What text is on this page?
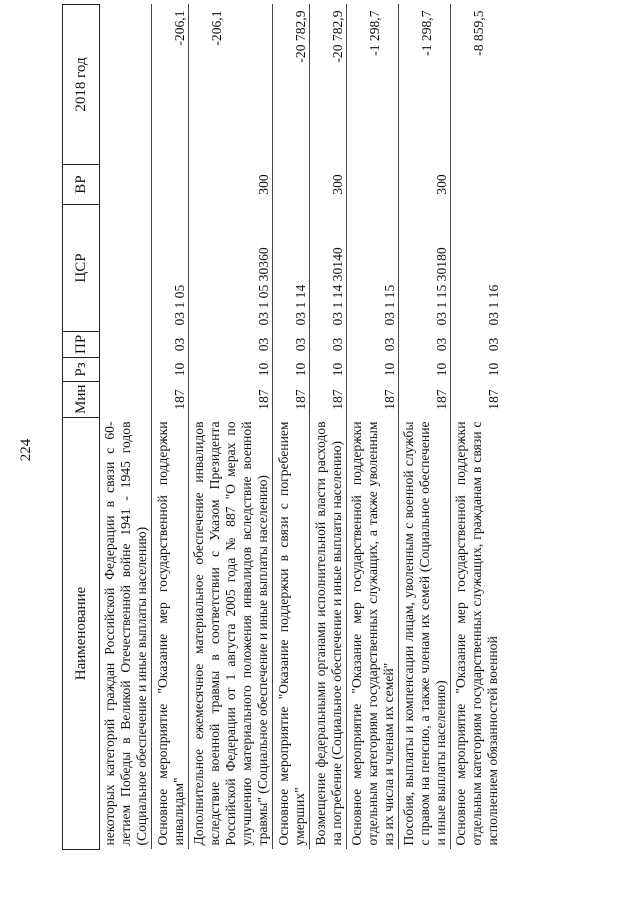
224
Наименование	Мин	Рз	ПР	ЦСР	ВР	2018 год
некоторых категорий граждан Российской Федерации в связи с 60-летием Победы в Великой Отечественной войне 1941 - 1945 годов (Социальное обеспечение и иные выплаты населению)						
Основное мероприятие "Оказание мер государственной поддержки инвалидам"	187	10	03	03 1 05		-206,1
Дополнительное ежемесячное материальное обеспечение инвалидов вследствие военной травмы в соответствии с Указом Президента Российской Федерации от 1 августа 2005 года № 887 "О мерах по улучшению материального положения инвалидов вследствие военной травмы" (Социальное обеспечение и иные выплаты населению)	187	10	03	03 1 05 30360	300	-206,1
Основное мероприятие "Оказание поддержки в связи с погребением умерших"	187	10	03	03 1 14		-20 782,9
Возмещение федеральными органами исполнительной власти расходов на погребение (Социальное обеспечение и иные выплаты населению)	187	10	03	03 1 14 30140	300	-20 782,9
Основное мероприятие "Оказание мер государственной поддержки отдельным категориям государственных служащих, а также уволенным из их числа и членам их семей"	187	10	03	03 1 15		-1 298,7
Пособия, выплаты и компенсации лицам, уволенным с военной службы с правом на пенсию, а также членам их семей (Социальное обеспечение и иные выплаты населению)	187	10	03	03 1 15 30180	300	-1 298,7
Основное мероприятие "Оказание мер государственной поддержки отдельным категориям государственных служащих, гражданам в связи с исполнением обязанностей военной	187	10	03	03 1 16		-8 859,5
